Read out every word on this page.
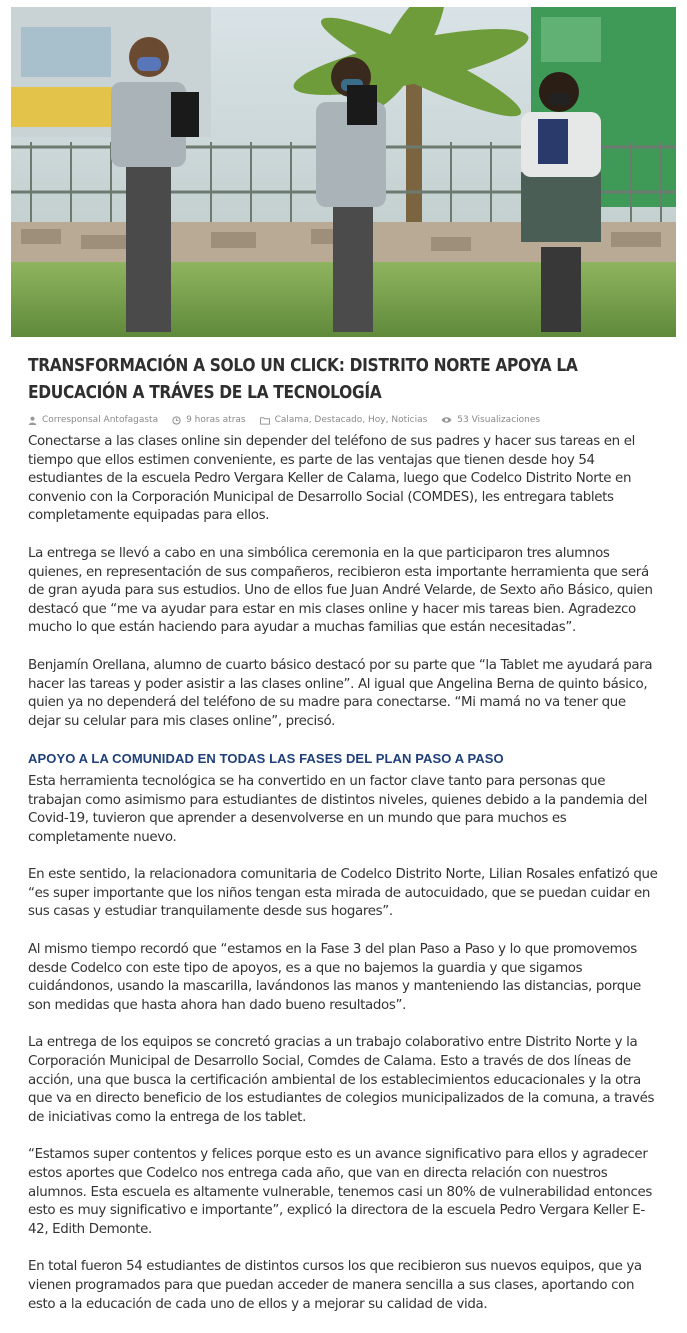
TRANSFORMACIÓN A SOLO UN CLICK: DISTRITO NORTE APOYA LA EDUCACIÓN A TRÁVES DE LA TECNOLOGÍA
Corresponsal Antofagasta	9 horas atras	Calama, Destacado, Hoy, Noticias	53 Visualizaciones

Conectarse a las clases online sin depender del teléfono de sus padres y hacer sus tareas en el tiempo que ellos estimen conveniente, es parte de las ventajas que tienen desde hoy 54 estudiantes de la escuela Pedro Vergara Keller de Calama, luego que Codelco Distrito Norte en convenio con la Corporación Municipal de Desarrollo Social (COMDES), les entregara tablets completamente equipadas para ellos.

La entrega se llevó a cabo en una simbólica ceremonia en la que participaron tres alumnos quienes, en representación de sus compañeros, recibieron esta importante herramienta que será de gran ayuda para sus estudios. Uno de ellos fue Juan André Velarde, de Sexto año Básico, quien destacó que “me va ayudar para estar en mis clases online y hacer mis tareas bien. Agradezco mucho lo que están haciendo para ayudar a muchas familias que están necesitadas”.

Benjamín Orellana, alumno de cuarto básico destacó por su parte que “la Tablet me ayudará para hacer las tareas y poder asistir a las clases online”. Al igual que Angelina Berna de quinto básico, quien ya no dependerá del teléfono de su madre para conectarse. “Mi mamá no va tener que dejar su celular para mis clases online”, precisó.

APOYO A LA COMUNIDAD EN TODAS LAS FASES DEL PLAN PASO A PASO

Esta herramienta tecnológica se ha convertido en un factor clave tanto para personas que trabajan como asimismo para estudiantes de distintos niveles, quienes debido a la pandemia del Covid-19, tuvieron que aprender a desenvolverse en un mundo que para muchos es completamente nuevo.

En este sentido, la relacionadora comunitaria de Codelco Distrito Norte, Lilian Rosales enfatizó que “es super importante que los niños tengan esta mirada de autocuidado, que se puedan cuidar en sus casas y estudiar tranquilamente desde sus hogares”.

Al mismo tiempo recordó que “estamos en la Fase 3 del plan Paso a Paso y lo que promovemos desde Codelco con este tipo de apoyos, es a que no bajemos la guardia y que sigamos cuidándonos, usando la mascarilla, lavándonos las manos y manteniendo las distancias, porque son medidas que hasta ahora han dado bueno resultados”.

La entrega de los equipos se concretó gracias a un trabajo colaborativo entre Distrito Norte y la Corporación Municipal de Desarrollo Social, Comdes de Calama. Esto a través de dos líneas de acción, una que busca la certificación ambiental de los establecimientos educacionales y la otra que va en directo beneficio de los estudiantes de colegios municipalizados de la comuna, a través de iniciativas como la entrega de los tablet.

“Estamos super contentos y felices porque esto es un avance significativo para ellos y agradecer estos aportes que Codelco nos entrega cada año, que van en directa relación con nuestros alumnos. Esta escuela es altamente vulnerable, tenemos casi un 80% de vulnerabilidad entonces esto es muy significativo e importante”, explicó la directora de la escuela Pedro Vergara Keller E-42, Edith Demonte.

En total fueron 54 estudiantes de distintos cursos los que recibieron sus nuevos equipos, que ya vienen programados para que puedan acceder de manera sencilla a sus clases, aportando con esto a la educación de cada uno de ellos y a mejorar su calidad de vida.
